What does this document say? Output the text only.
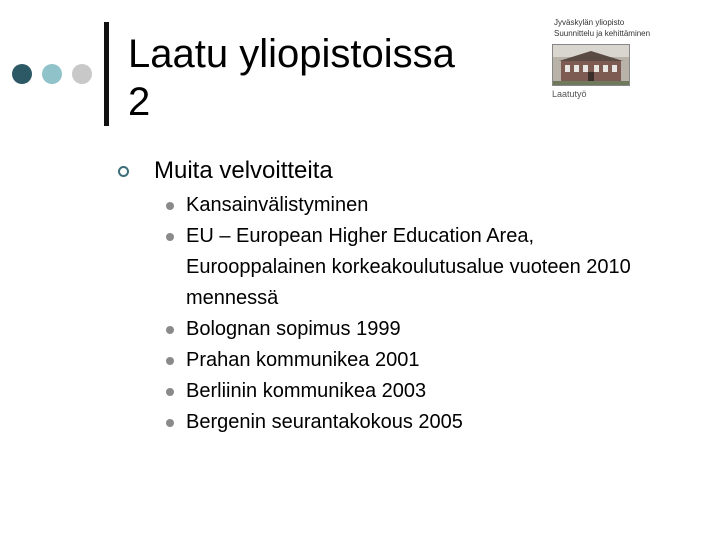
Laatu yliopistoissa
2
Jyväskylän yliopisto
Suunnittelu ja kehittäminen
Laatutyö
Muita velvoitteita
Kansainvälistyminen
EU – European Higher Education Area, Eurooppalainen korkeakoulutusalue vuoteen 2010 mennessä
Bolognan sopimus 1999
Prahan kommunikea 2001
Berliinin kommunikea 2003
Bergenin seurantakokous 2005
